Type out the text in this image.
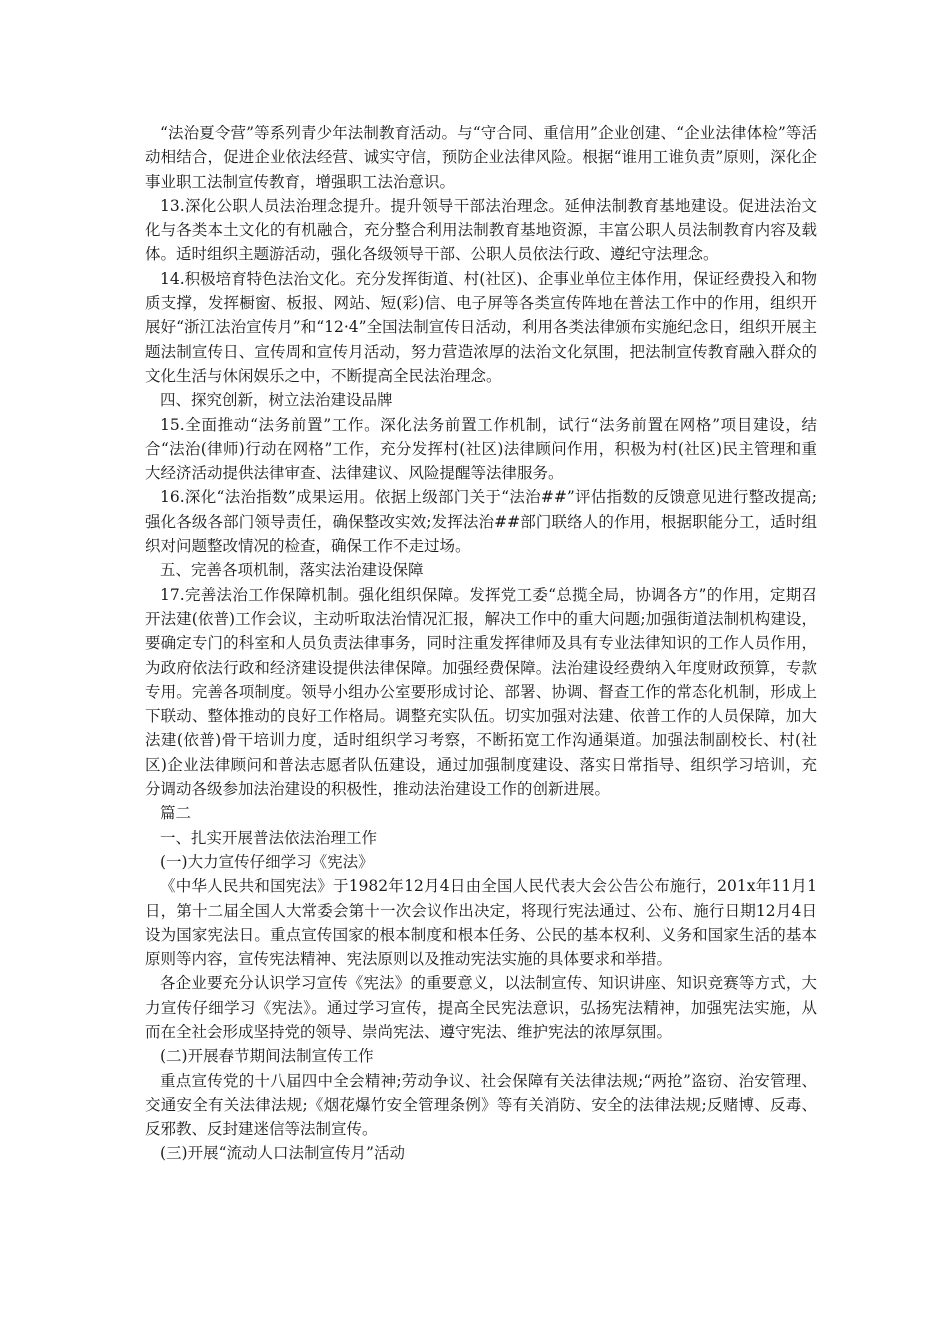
“法治夏令营”等系列青少年法制教育活动。与“守合同、重信用”企业创建、“企业法律体检”等活动相结合，促进企业依法经营、诚实守信，预防企业法律风险。根据“谁用工谁负责”原则，深化企事业职工法制宣传教育，增强职工法治意识。

13.深化公职人员法治理念提升。提升领导干部法治理念。延伸法制教育基地建设。促进法治文化与各类本土文化的有机融合，充分整合利用法制教育基地资源，丰富公职人员法制教育内容及载体。适时组织主题游活动，强化各级领导干部、公职人员依法行政、遵纪守法理念。

14.积极培育特色法治文化。充分发挥街道、村(社区)、企事业单位主体作用，保证经费投入和物质支撑，发挥橱窗、板报、网站、短(彩)信、电子屏等各类宣传阵地在普法工作中的作用，组织开展好“浙江法治宣传月”和“12·4”全国法制宣传日活动，利用各类法律颁布实施纪念日，组织开展主题法制宣传日、宣传周和宣传月活动，努力营造浓厚的法治文化氛围，把法制宣传教育融入群众的文化生活与休闲娱乐之中，不断提高全民法治理念。

四、探究创新，树立法治建设品牌

15.全面推动“法务前置”工作。深化法务前置工作机制，试行“法务前置在网格”项目建设，结合“法治(律师)行动在网格”工作，充分发挥村(社区)法律顾问作用，积极为村(社区)民主管理和重大经济活动提供法律审查、法律建议、风险提醒等法律服务。

16.深化“法治指数”成果运用。依据上级部门关于“法治##”评估指数的反馈意见进行整改提高;强化各级各部门领导责任，确保整改实效;发挥法治##部门联络人的作用，根据职能分工，适时组织对问题整改情况的检查，确保工作不走过场。

五、完善各项机制，落实法治建设保障

17.完善法治工作保障机制。强化组织保障。发挥党工委“总揽全局，协调各方”的作用，定期召开法建(依普)工作会议，主动听取法治情况汇报，解决工作中的重大问题;加强街道法制机构建设，要确定专门的科室和人员负责法律事务，同时注重发挥律师及具有专业法律知识的工作人员作用，为政府依法行政和经济建设提供法律保障。加强经费保障。法治建设经费纳入年度财政预算，专款专用。完善各项制度。领导小组办公室要形成讨论、部署、协调、督查工作的常态化机制，形成上下联动、整体推动的良好工作格局。调整充实队伍。切实加强对法建、依普工作的人员保障，加大法建(依普)骨干培训力度，适时组织学习考察，不断拓宽工作沟通渠道。加强法制副校长、村(社区)企业法律顾问和普法志愿者队伍建设，通过加强制度建设、落实日常指导、组织学习培训，充分调动各级参加法治建设的积极性，推动法治建设工作的创新进展。

篇二

一、扎实开展普法依法治理工作

(一)大力宣传仔细学习《宪法》

《中华人民共和国宪法》于1982年12月4日由全国人民代表大会公告公布施行，201x年11月1日，第十二届全国人大常委会第十一次会议作出决定，将现行宪法通过、公布、施行日期12月4日设为国家宪法日。重点宣传国家的根本制度和根本任务、公民的基本权利、义务和国家生活的基本原则等内容，宣传宪法精神、宪法原则以及推动宪法实施的具体要求和举措。

各企业要充分认识学习宣传《宪法》的重要意义，以法制宣传、知识讲座、知识竞赛等方式，大力宣传仔细学习《宪法》。通过学习宣传，提高全民宪法意识，弘扬宪法精神，加强宪法实施，从而在全社会形成坚持党的领导、崇尚宪法、遵守宪法、维护宪法的浓厚氛围。

(二)开展春节期间法制宣传工作

重点宣传党的十八届四中全会精神;劳动争议、社会保障有关法律法规;“两抢”盗窃、治安管理、交通安全有关法律法规;《烟花爆竹安全管理条例》等有关消防、安全的法律法规;反赌博、反毒、反邪教、反封建迷信等法制宣传。

(三)开展“流动人口法制宣传月”活动
